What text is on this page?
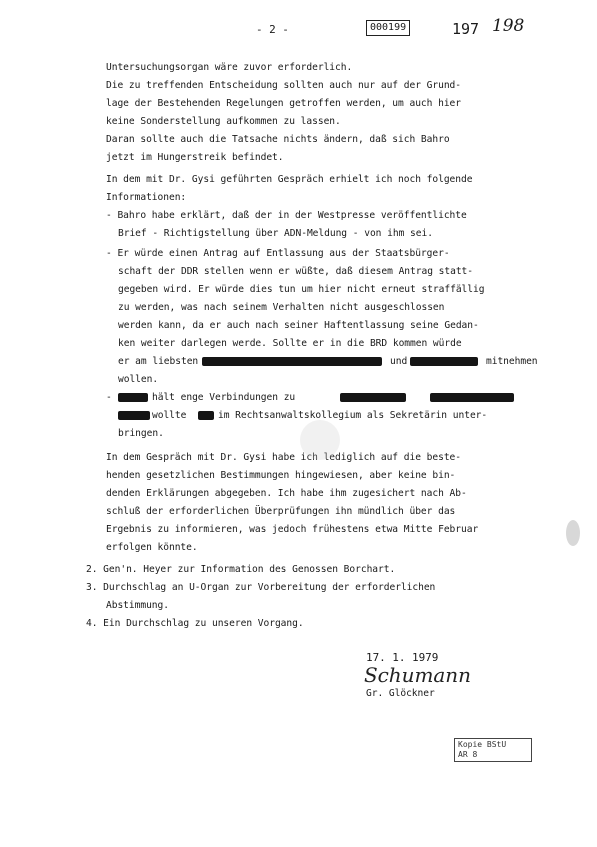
- 2 -	000199	197 198
Untersuchungsorgan wäre zuvor erforderlich.
Die zu treffenden Entscheidung sollten auch nur auf der Grund-
lage der Bestehenden Regelungen getroffen werden, um auch hier
keine Sonderstellung aufkommen zu lassen.
Daran sollte auch die Tatsache nichts ändern, daß sich Bahro
jetzt im Hungerstreik befindet.
In dem mit Dr. Gysi geführten Gespräch erhielt ich noch folgende
Informationen:
- Bahro habe erklärt, daß der in der Westpresse veröffentlichte
Brief - Richtigstellung über ADN-Meldung - von ihm sei.
- Er würde einen Antrag auf Entlassung aus der Staatsbürger-
schaft der DDR stellen wenn er wüßte, daß diesem Antrag statt-
gegeben wird. Er würde dies tun um hier nicht erneut straffällig
zu werden, was nach seinem Verhalten nicht ausgeschlossen
werden kann, da er auch nach seiner Haftentlassung seine Gedan-
ken weiter darlegen werde. Sollte er in die BRD kommen würde
er am liebsten	und	mitnehmen
wollen.
-	hält enge Verbindungen zu
wollte	im Rechtsanwaltskollegium als Sekretärin unter-
bringen.
In dem Gespräch mit Dr. Gysi habe ich lediglich auf die beste-
henden gesetzlichen Bestimmungen hingewiesen, aber keine bin-
denden Erklärungen abgegeben. Ich habe ihm zugesichert nach Ab-
schluß der erforderlichen Überprüfungen ihn mündlich über das
Ergebnis zu informieren, was jedoch frühestens etwa Mitte Februar
erfolgen könnte.
2. Gen'n. Heyer zur Information des Genossen Borchart.
3. Durchschlag an U-Organ zur Vorbereitung der erforderlichen
Abstimmung.
4. Ein Durchschlag zu unseren Vorgang.
17. 1. 1979
Schumann
Gr. Glöckner
Kopie BStU
AR 8
